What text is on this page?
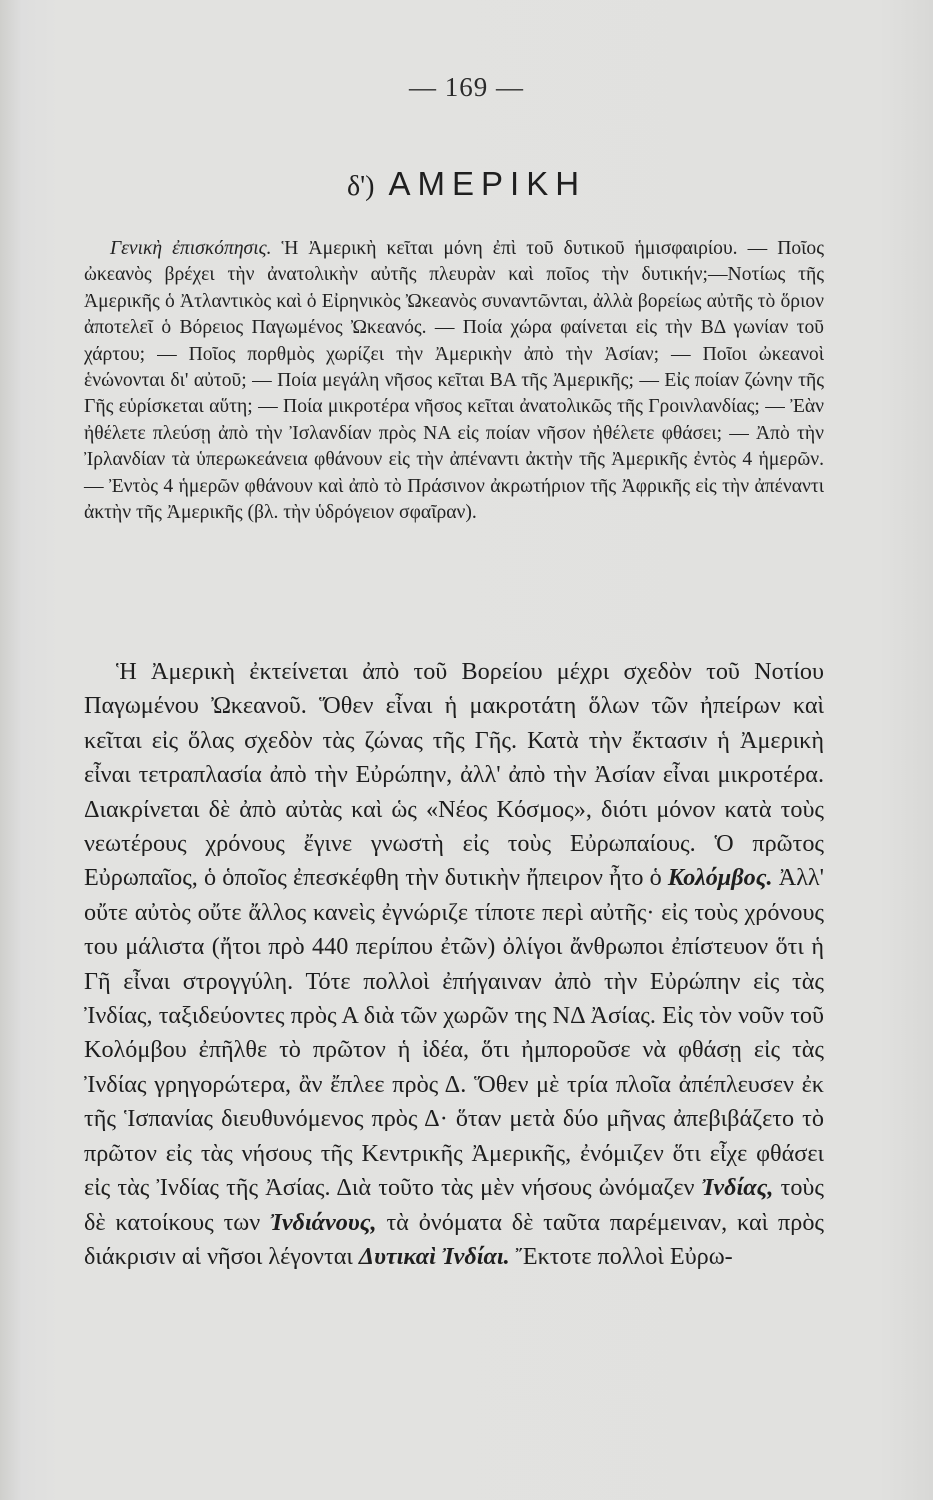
— 169 —
δ') ΑΜΕΡΙΚΗ
Γενικὴ ἐπισκόπησις. Ἡ Ἀμερικὴ κεῖται μόνη ἐπὶ τοῦ δυτικοῦ ἡμισφαιρίου. — Ποῖος ὠκεανὸς βρέχει τὴν ἀνατολικὴν αὐτῆς πλευρὰν καὶ ποῖος τὴν δυτικήν;—Νοτίως τῆς Ἀμερικῆς ὁ Ἀτλαντικὸς καὶ ὁ Εἰρηνικὸς Ὠκεανὸς συναντῶνται, ἀλλὰ βορείως αὐτῆς τὸ ὅριον ἀποτελεῖ ὁ Βόρειος Παγωμένος Ὠκεανός. — Ποία χώρα φαίνεται εἰς τὴν ΒΔ γωνίαν τοῦ χάρτου; — Ποῖος πορθμὸς χωρίζει τὴν Ἀμερικὴν ἀπὸ τὴν Ἀσίαν; — Ποῖοι ὠκεανοὶ ἑνώνονται δι' αὐτοῦ; — Ποία μεγάλη νῆσος κεῖται ΒΑ τῆς Ἀμερικῆς; — Εἰς ποίαν ζώνην τῆς Γῆς εὑρίσκεται αὕτη; — Ποία μικροτέρα νῆσος κεῖται ἀνατολικῶς τῆς Γροινλανδίας; — Ἐὰν ἠθέλετε πλεύσῃ ἀπὸ τὴν Ἰσλανδίαν πρὸς ΝΑ εἰς ποίαν νῆσον ἠθέλετε φθάσει; — Ἀπὸ τὴν Ἰρλανδίαν τὰ ὑπερωκεάνεια φθάνουν εἰς τὴν ἀπέναντι ἀκτὴν τῆς Ἀμερικῆς ἐντὸς 4 ἡμερῶν.— Ἐντὸς 4 ἡμερῶν φθάνουν καὶ ἀπὸ τὸ Πράσινον ἀκρωτήριον τῆς Ἀφρικῆς εἰς τὴν ἀπέναντι ἀκτὴν τῆς Ἀμερικῆς (βλ. τὴν ὑδρόγειον σφαῖραν).
Ἡ Ἀμερικὴ ἐκτείνεται ἀπὸ τοῦ Βορείου μέχρι σχεδὸν τοῦ Νοτίου Παγωμένου Ὠκεανοῦ. Ὅθεν εἶναι ἡ μακροτάτη ὅλων τῶν ἠπείρων καὶ κεῖται εἰς ὅλας σχεδὸν τὰς ζώνας τῆς Γῆς. Κατὰ τὴν ἔκτασιν ἡ Ἀμερικὴ εἶναι τετραπλασία ἀπὸ τὴν Εὐρώπην, ἀλλ' ἀπὸ τὴν Ἀσίαν εἶναι μικροτέρα. Διακρίνεται δὲ ἀπὸ αὐτὰς καὶ ὡς «Νέος Κόσμος», διότι μόνον κατὰ τοὺς νεωτέρους χρόνους ἔγινε γνωστὴ εἰς τοὺς Εὐρωπαίους. Ὁ πρῶτος Εὐρωπαῖος, ὁ ὁποῖος ἐπεσκέφθη τὴν δυτικὴν ἤπειρον ἦτο ὁ Κολόμβος. Ἀλλ' οὔτε αὐτὸς οὔτε ἄλλος κανεὶς ἐγνώριζε τίποτε περὶ αὐτῆς· εἰς τοὺς χρόνους του μάλιστα (ἤτοι πρὸ 440 περίπου ἐτῶν) ὀλίγοι ἄνθρωποι ἐπίστευον ὅτι ἡ Γῆ εἶναι στρογγύλη. Τότε πολλοὶ ἐπήγαιναν ἀπὸ τὴν Εὐρώπην εἰς τὰς Ἰνδίας, ταξιδεύοντες πρὸς Α διὰ τῶν χωρῶν της ΝΔ Ἀσίας. Εἰς τὸν νοῦν τοῦ Κολόμβου ἐπῆλθε τὸ πρῶτον ἡ ἰδέα, ὅτι ἠμποροῦσε νὰ φθάσῃ εἰς τὰς Ἰνδίας γρηγορώτερα, ἂν ἔπλεε πρὸς Δ. Ὅθεν μὲ τρία πλοῖα ἀπέπλευσεν ἐκ τῆς Ἱσπανίας διευθυνόμενος πρὸς Δ· ὅταν μετὰ δύο μῆνας ἀπεβιβάζετο τὸ πρῶτον εἰς τὰς νήσους τῆς Κεντρικῆς Ἀμερικῆς, ἐνόμιζεν ὅτι εἶχε φθάσει εἰς τὰς Ἰνδίας τῆς Ἀσίας. Διὰ τοῦτο τὰς μὲν νήσους ὠνόμαζεν Ἰνδίας, τοὺς δὲ κατοίκους των Ἰνδιάνους, τὰ ὀνόματα δὲ ταῦτα παρέμειναν, καὶ πρὸς διάκρισιν αἱ νῆσοι λέγονται Δυτικαὶ Ἰνδίαι. Ἔκτοτε πολλοὶ Εὐρω-
